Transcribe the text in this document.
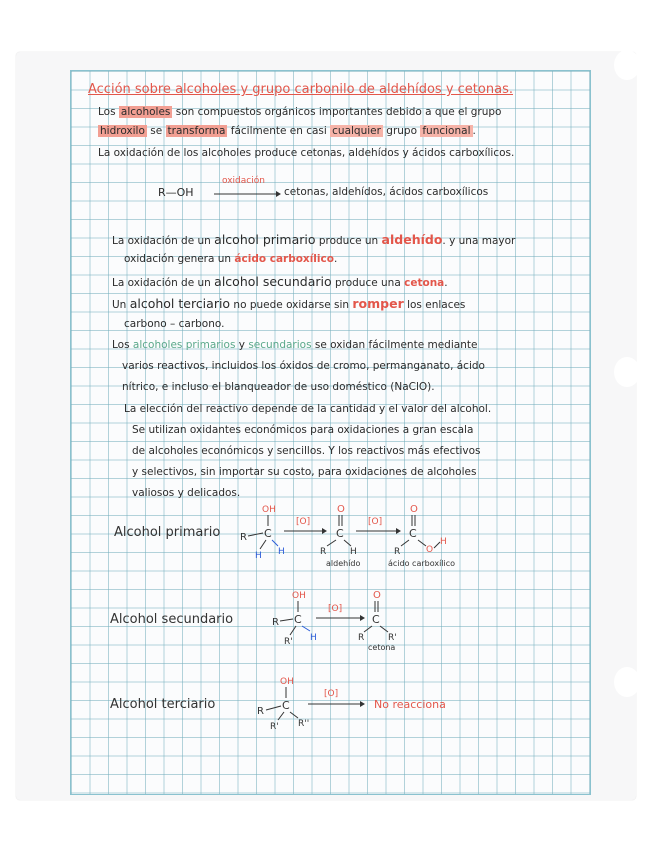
Acción sobre alcoholes y grupo carbonilo de aldehídos y cetonas.
Los alcoholes son compuestos orgánicos importantes debido a que el grupo
hidroxilo se transforma fácilmente en casi cualquier grupo funcional .
La oxidación de los alcoholes produce cetonas, aldehídos y ácidos carboxílicos.
R—OH
oxidación
cetonas, aldehídos, ácidos carboxílicos
La oxidación de un alcohol primario produce un aldehído. y una mayor
oxidación genera un ácido carboxílico.
La oxidación de un alcohol secundario produce una cetona.
Un alcohol terciario no puede oxidarse sin romper los enlaces
carbono – carbono.
Los alcoholes primarios y secundarios se oxidan fácilmente mediante
varios reactivos, incluidos los óxidos de cromo, permanganato, ácido
nítrico, e incluso el blanqueador de uso doméstico (NaClO).
La elección del reactivo depende de la cantidad y el valor del alcohol.
Se utilizan oxidantes económicos para oxidaciones a gran escala
de alcoholes económicos y sencillos. Y los reactivos más efectivos
y selectivos, sin importar su costo, para oxidaciones de alcoholes
valiosos y delicados.
Alcohol primario
OH
C
R
H H
[O]
O
C
R	H
aldehído
[O]
O
C
R	O
H
ácido carboxílico
Alcohol secundario
OH
C
R
R' H
[O]
O
C
R	R'
cetona
Alcohol terciario
OH
C
R
R' R''
[O]
No reacciona
